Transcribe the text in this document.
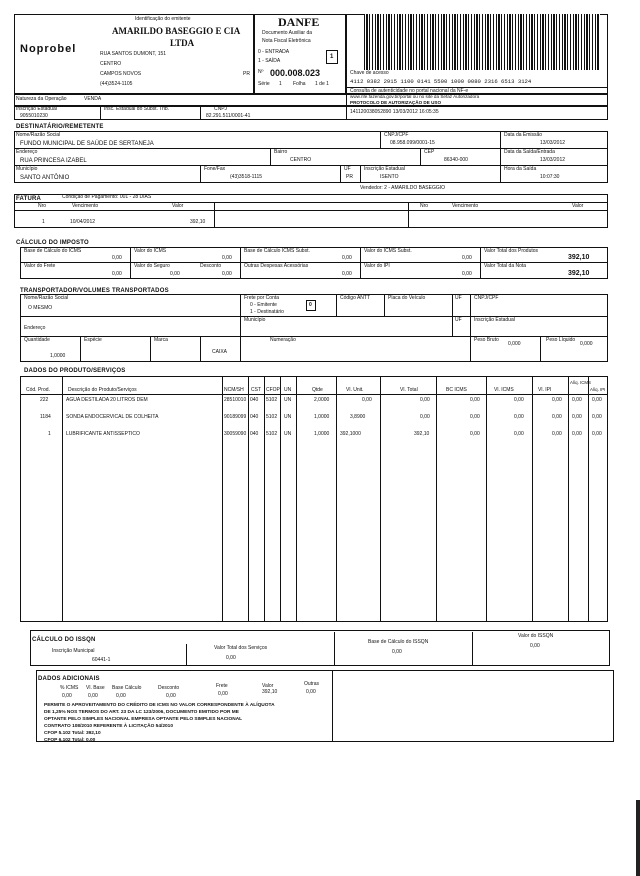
Noprobel
Identificação do emitente
AMARILDO BASEGGIO E CIA
LTDA
RUA SANTOS DUMONT, 151
CENTRO
CAMPOS NOVOS	PR
(44)3524-1105
DANFE
Documento Auxiliar da
Nota Fiscal Eletrônica
0 - ENTRADA
1 - SAÍDA
1
Nº 000.008.023
Série 1 Folha 1 de 1
Chave de acesso
4112 0382 2915 1100 0141 5500 1000 0080 2316 6513 3124
Consulta de autenticidade no portal nacional da NF-e
Natureza da Operação	VENDA	www.nfe.fazenda.gov.br/portal ou no site da Sefaz Autorizadora
PROTOCOLO DE AUTORIZAÇÃO DE USO
Inscrição Estadual
9055010230
Insc. Estadual do Subst. Trib.	CNPJ
82.291.511/0001-41
141120038052890 13/03/2012 16:05:35
DESTINATÁRIO/REMETENTE
Nome/Razão Social
FUNDO MUNICIPAL DE SAÚDE DE SERTANEJA
CNPJ/CPF
08.958.099/0001-15
Data da Emissão
13/03/2012
Endereço
RUA PRINCESA IZABEL
Bairro
CENTRO
CEP
86340-000
Data da Saída/Entrada
13/03/2012
Município
SANTO ANTÔNIO
Fone/Fax
(43)3518-1115
UF
PR
Inscrição Estadual
ISENTO
Hora da Saída
10:07:30
FATURA	Condição de Pagamento: 001 - 28 DIAS
Vendedor: 2 - AMARILDO BASEGGIO
Nro	Vencimento	Valor	Nro	Vencimento	Valor
1	10/04/2012	392,10
CÁLCULO DO IMPOSTO
Base de Cálculo do ICMS
0,00
Valor do ICMS
0,00
Base de Cálculo ICMS Subst.
0,00
Valor do ICMS Subst.
0,00
Valor Total dos Produtos
392,10
Valor do Frete
0,00
Valor do Seguro
0,00
Desconto
0,00
Outras Despesas Acessórias
0,00
Valor do IPI
0,00
Valor Total da Nota
392,10
TRANSPORTADOR/VOLUMES TRANSPORTADOS
Nome/Razão Social
O MESMO
Frete por Conta
0 - Emitente
1 - Destinatário
0
Código ANTT	Placa do Veículo	UF CNPJ/CPF
Endereço
Município	UF Inscrição Estadual
Quantidade
1,0000
Espécie	Marca
CAIXA
Numeração	Peso Bruto
0,000
Peso Líquido
0,000
DADOS DO PRODUTO/SERVIÇOS
Cód. Prod.	Descrição do Produto/Serviços	NCM/SH CST CFOP UN	Qtde	Vl. Unit.	Vl. Total	BC ICMS	Vl. ICMS	Vl. IPI
Alíq. ICMS
Alíq. IPI
222	AGUA DESTILADA 20 LITROS DEM	28510010 040 5102 UN	2,0000	0,00	0,00	0,00	0,00	0,00 0,00 0,00
1184	SONDA ENDOCERVICAL DE COLHEITA	90189099 040 5102 UN	1,0000	3,8900	0,00	0,00	0,00	0,00 0,00 0,00
1	LUBRIFICANTE ANTISSEPTICO	30059090 040 5102 UN	1,0000 392,1000	392,10	0,00	0,00	0,00 0,00 0,00
CÁLCULO DO ISSQN
Inscrição Municipal
60441-1
Valor Total dos Serviços
0,00
Base de Cálculo do ISSQN
0,00
Valor do ISSQN
0,00
DADOS ADICIONAIS
% ICMS Vl. Base Base Cálculo	Desconto	Frete	Valor	Outras
0,00	0,00	0,00	0,00	0,00	392,10	0,00
PERMITE O APROVEITAMENTO DO CRÉDITO DE ICMS NO VALOR CORRESPONDENTE À ALÍQUOTA
DE 1,25% NOS TERMOS DO ART. 23 DA LC 123/2006, DOCUMENTO EMITIDO POR ME
OPTANTE PELO SIMPLES NACIONAL EMPRESA OPTANTE PELO SIMPLES NACIONAL
CONTRATO 108/2010 REFERENTE À LICITAÇÃO 54/2010
CFOP 5.102 Total: 392,10
CFOP 6.102 Total: 0,00
